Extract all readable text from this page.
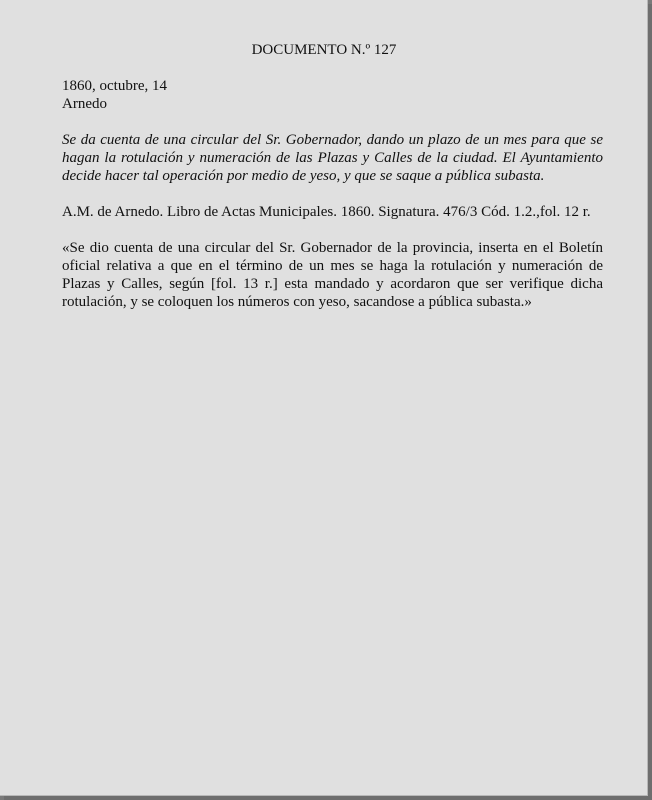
DOCUMENTO N.º 127

1860, octubre, 14

Arnedo

Se da cuenta de una circular del Sr. Gobernador, dando un plazo de un mes para que se hagan la rotulación y numeración de las Plazas y Calles de la ciudad. El Ayuntamiento decide hacer tal operación por medio de yeso, y que se saque a pública subasta.

A.M. de Arnedo. Libro de Actas Municipales. 1860. Signatura. 476/3 Cód. 1.2.,fol. 12 r.

«Se dio cuenta de una circular del Sr. Gobernador de la provincia, inserta en el Boletín oficial relativa a que en el término de un mes se haga la rotulación y numeración de Plazas y Calles, según [fol. 13 r.] esta mandado y acordaron que ser verifique dicha rotulación, y se coloquen los números con yeso, sacandose a pública subasta.»
